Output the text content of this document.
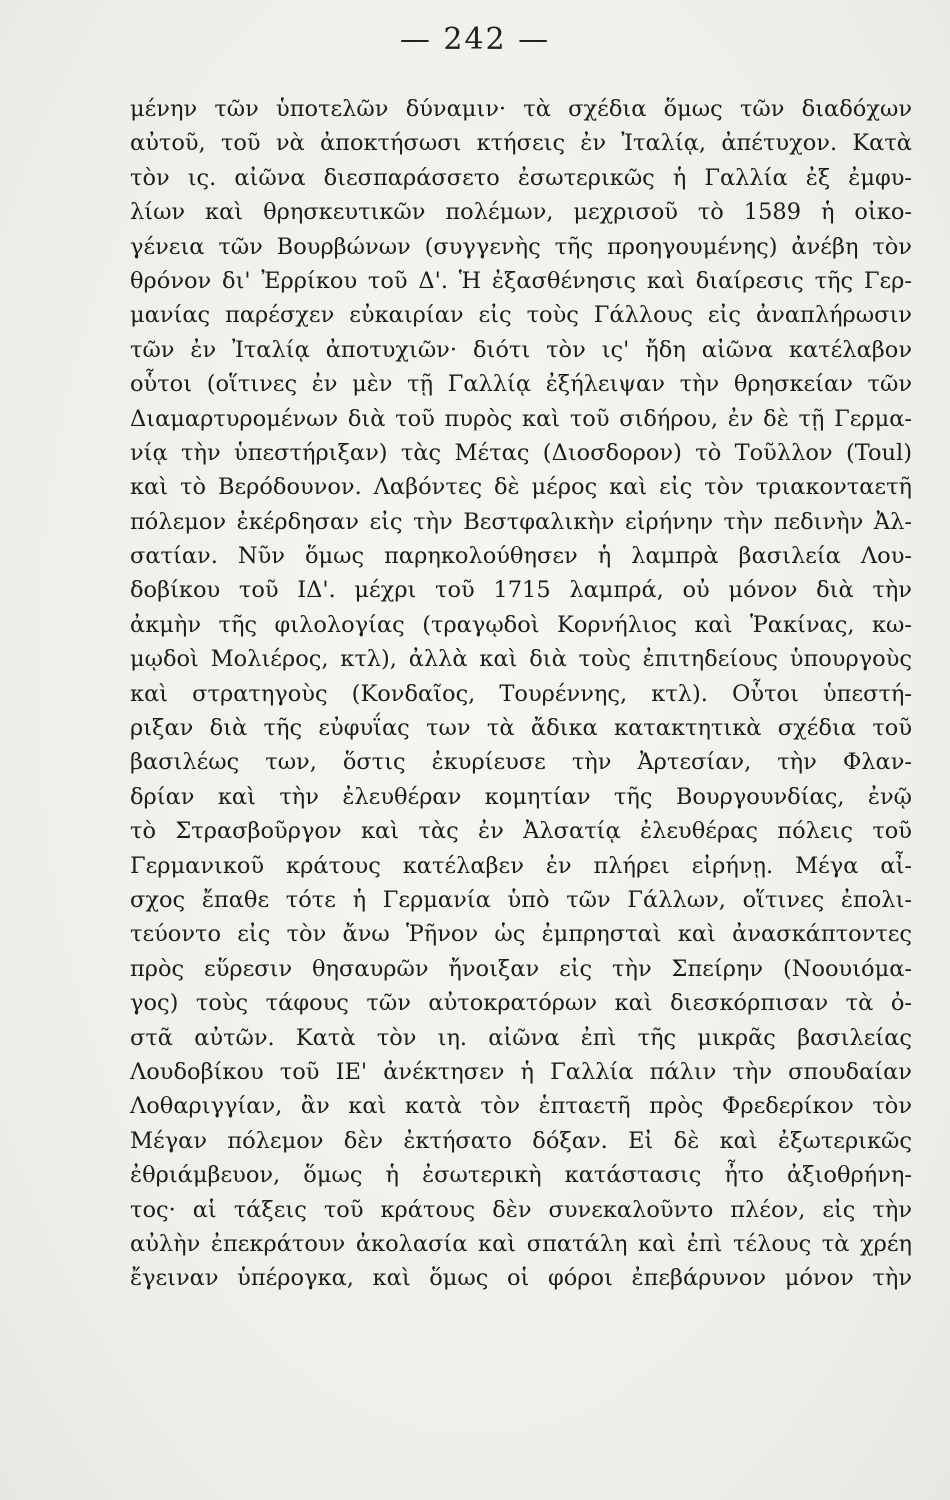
— 242 —
μένην τῶν ὑποτελῶν δύναμιν· τὰ σχέδια ὅμως τῶν διαδόχων
αὐτοῦ, τοῦ νὰ ἀποκτήσωσι κτήσεις ἐν Ἰταλίᾳ, ἀπέτυχον. Κατὰ
τὸν ις. αἰῶνα διεσπαράσσετο ἐσωτερικῶς ἡ Γαλλία ἐξ ἐμφυ-
λίων καὶ θρησκευτικῶν πολέμων, μεχρισοῦ τὸ 1589 ἡ οἰκο-
γένεια τῶν Βουρβώνων (συγγενὴς τῆς προηγουμένης) ἀνέβη τὸν
θρόνον δι' Ἐρρίκου τοῦ Δ'. Ἡ ἐξασθένησις καὶ διαίρεσις τῆς Γερ-
μανίας παρέσχεν εὐκαιρίαν εἰς τοὺς Γάλλους εἰς ἀναπλήρωσιν
τῶν ἐν Ἰταλίᾳ ἀποτυχιῶν· διότι τὸν ις' ἤδη αἰῶνα κατέλαβον
οὗτοι (οἵτινες ἐν μὲν τῇ Γαλλίᾳ ἐξήλειψαν τὴν θρησκείαν τῶν
Διαμαρτυρομένων διὰ τοῦ πυρὸς καὶ τοῦ σιδήρου, ἐν δὲ τῇ Γερμα-
νίᾳ τὴν ὑπεστήριξαν) τὰς Μέτας (Διοσδορον) τὸ Τοῦλλον (Toul)
καὶ τὸ Βερόδουνον. Λαβόντες δὲ μέρος καὶ εἰς τὸν τριακονταετῆ
πόλεμον ἐκέρδησαν εἰς τὴν Βεστφαλικὴν εἰρήνην τὴν πεδινὴν Ἀλ-
σατίαν. Νῦν ὅμως παρηκολούθησεν ἡ λαμπρὰ βασιλεία Λου-
δοβίκου τοῦ ΙΔ'. μέχρι τοῦ 1715 λαμπρά, οὐ μόνον διὰ τὴν
ἀκμὴν τῆς φιλολογίας (τραγῳδοὶ Κορνήλιος καὶ Ῥακίνας, κω-
μῳδοὶ Μολιέρος, κτλ), ἀλλὰ καὶ διὰ τοὺς ἐπιτηδείους ὑπουργοὺς
καὶ στρατηγοὺς (Κονδαῖος, Τουρέννης, κτλ). Οὗτοι ὑπεστή-
ριξαν διὰ τῆς εὐφυΐας των τὰ ἄδικα κατακτητικὰ σχέδια τοῦ
βασιλέως των, ὅστις ἐκυρίευσε τὴν Ἀρτεσίαν, τὴν Φλαν-
δρίαν καὶ τὴν ἐλευθέραν κομητίαν τῆς Βουργουνδίας, ἐνῷ
τὸ Στρασβοῦργον καὶ τὰς ἐν Ἀλσατίᾳ ἐλευθέρας πόλεις τοῦ
Γερμανικοῦ κράτους κατέλαβεν ἐν πλήρει εἰρήνῃ. Μέγα αἶ-
σχος ἔπαθε τότε ἡ Γερμανία ὑπὸ τῶν Γάλλων, οἵτινες ἐπολι-
τεύοντο εἰς τὸν ἄνω Ῥῆνον ὡς ἐμπρησταὶ καὶ ἀνασκάπτοντες
πρὸς εὕρεσιν θησαυρῶν ἤνοιξαν εἰς τὴν Σπείρην (Νοουιόμα-
γος) τοὺς τάφους τῶν αὐτοκρατόρων καὶ διεσκόρπισαν τὰ ὀ-
στᾶ αὐτῶν. Κατὰ τὸν ιη. αἰῶνα ἐπὶ τῆς μικρᾶς βασιλείας
Λουδοβίκου τοῦ ΙΕ' ἀνέκτησεν ἡ Γαλλία πάλιν τὴν σπουδαίαν
Λοθαριγγίαν, ἂν καὶ κατὰ τὸν ἑπταετῆ πρὸς Φρεδερίκον τὸν
Μέγαν πόλεμον δὲν ἐκτήσατο δόξαν. Εἰ δὲ καὶ ἐξωτερικῶς
ἐθριάμβευον, ὅμως ἡ ἐσωτερικὴ κατάστασις ἦτο ἀξιοθρήνη-
τος· αἱ τάξεις τοῦ κράτους δὲν συνεκαλοῦντο πλέον, εἰς τὴν
αὐλὴν ἐπεκράτουν ἀκολασία καὶ σπατάλη καὶ ἐπὶ τέλους τὰ χρέη
ἔγειναν ὑπέρογκα, καὶ ὅμως οἱ φόροι ἐπεβάρυνον μόνον τὴν
